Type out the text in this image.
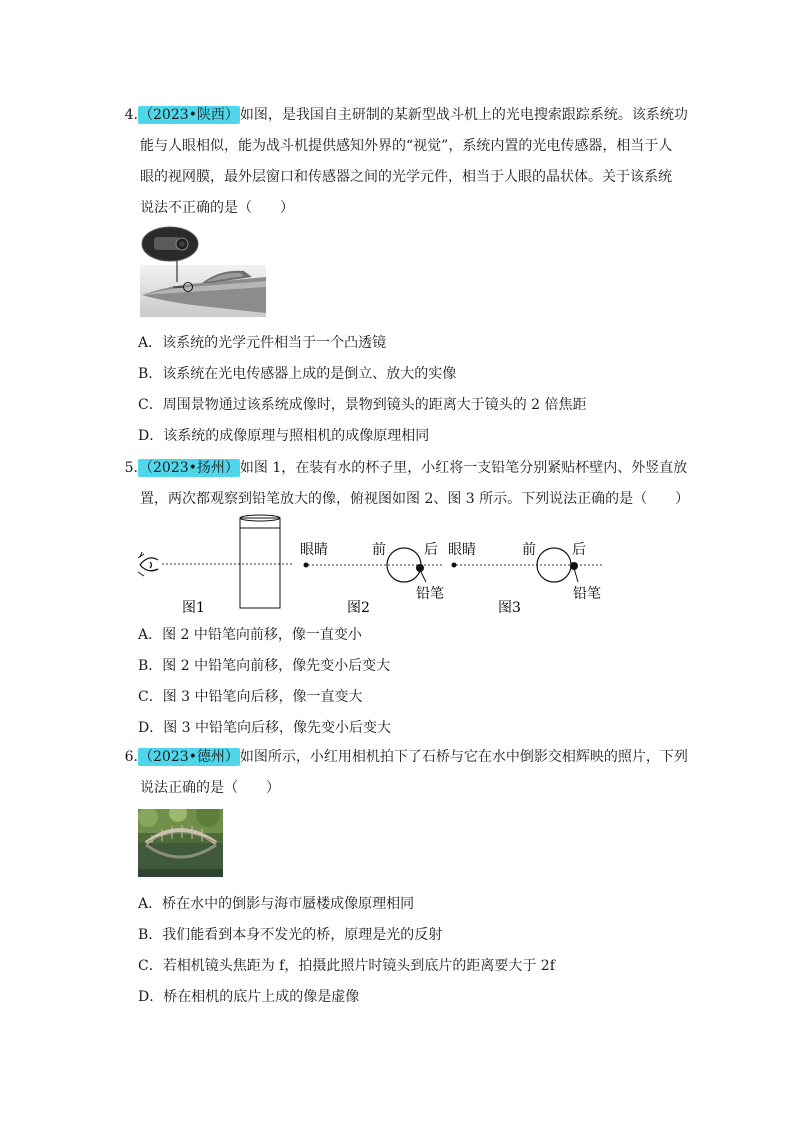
4.（2023•陕西）如图，是我国自主研制的某新型战斗机上的光电搜索跟踪系统。该系统功
能与人眼相似，能为战斗机提供感知外界的“视觉”，系统内置的光电传感器，相当于人
眼的视网膜，最外层窗口和传感器之间的光学元件，相当于人眼的晶状体。关于该系统
说法不正确的是（　　）
A．该系统的光学元件相当于一个凸透镜
B．该系统在光电传感器上成的是倒立、放大的实像
C．周围景物通过该系统成像时，景物到镜头的距离大于镜头的 2 倍焦距
D．该系统的成像原理与照相机的成像原理相同
5.（2023•扬州）如图 1，在装有水的杯子里，小红将一支铅笔分别紧贴杯壁内、外竖直放
置，两次都观察到铅笔放大的像，俯视图如图 2、图 3 所示。下列说法正确的是（　　）
图1
眼睛	前	后
铅笔
图2
眼睛	前	后
铅笔
图3
A．图 2 中铅笔向前移，像一直变小
B．图 2 中铅笔向前移，像先变小后变大
C．图 3 中铅笔向后移，像一直变大
D．图 3 中铅笔向后移，像先变小后变大
6.（2023•德州）如图所示，小红用相机拍下了石桥与它在水中倒影交相辉映的照片，下列
说法正确的是（　　）
A．桥在水中的倒影与海市蜃楼成像原理相同
B．我们能看到本身不发光的桥，原理是光的反射
C．若相机镜头焦距为 f，拍摄此照片时镜头到底片的距离要大于 2f
D．桥在相机的底片上成的像是虚像
